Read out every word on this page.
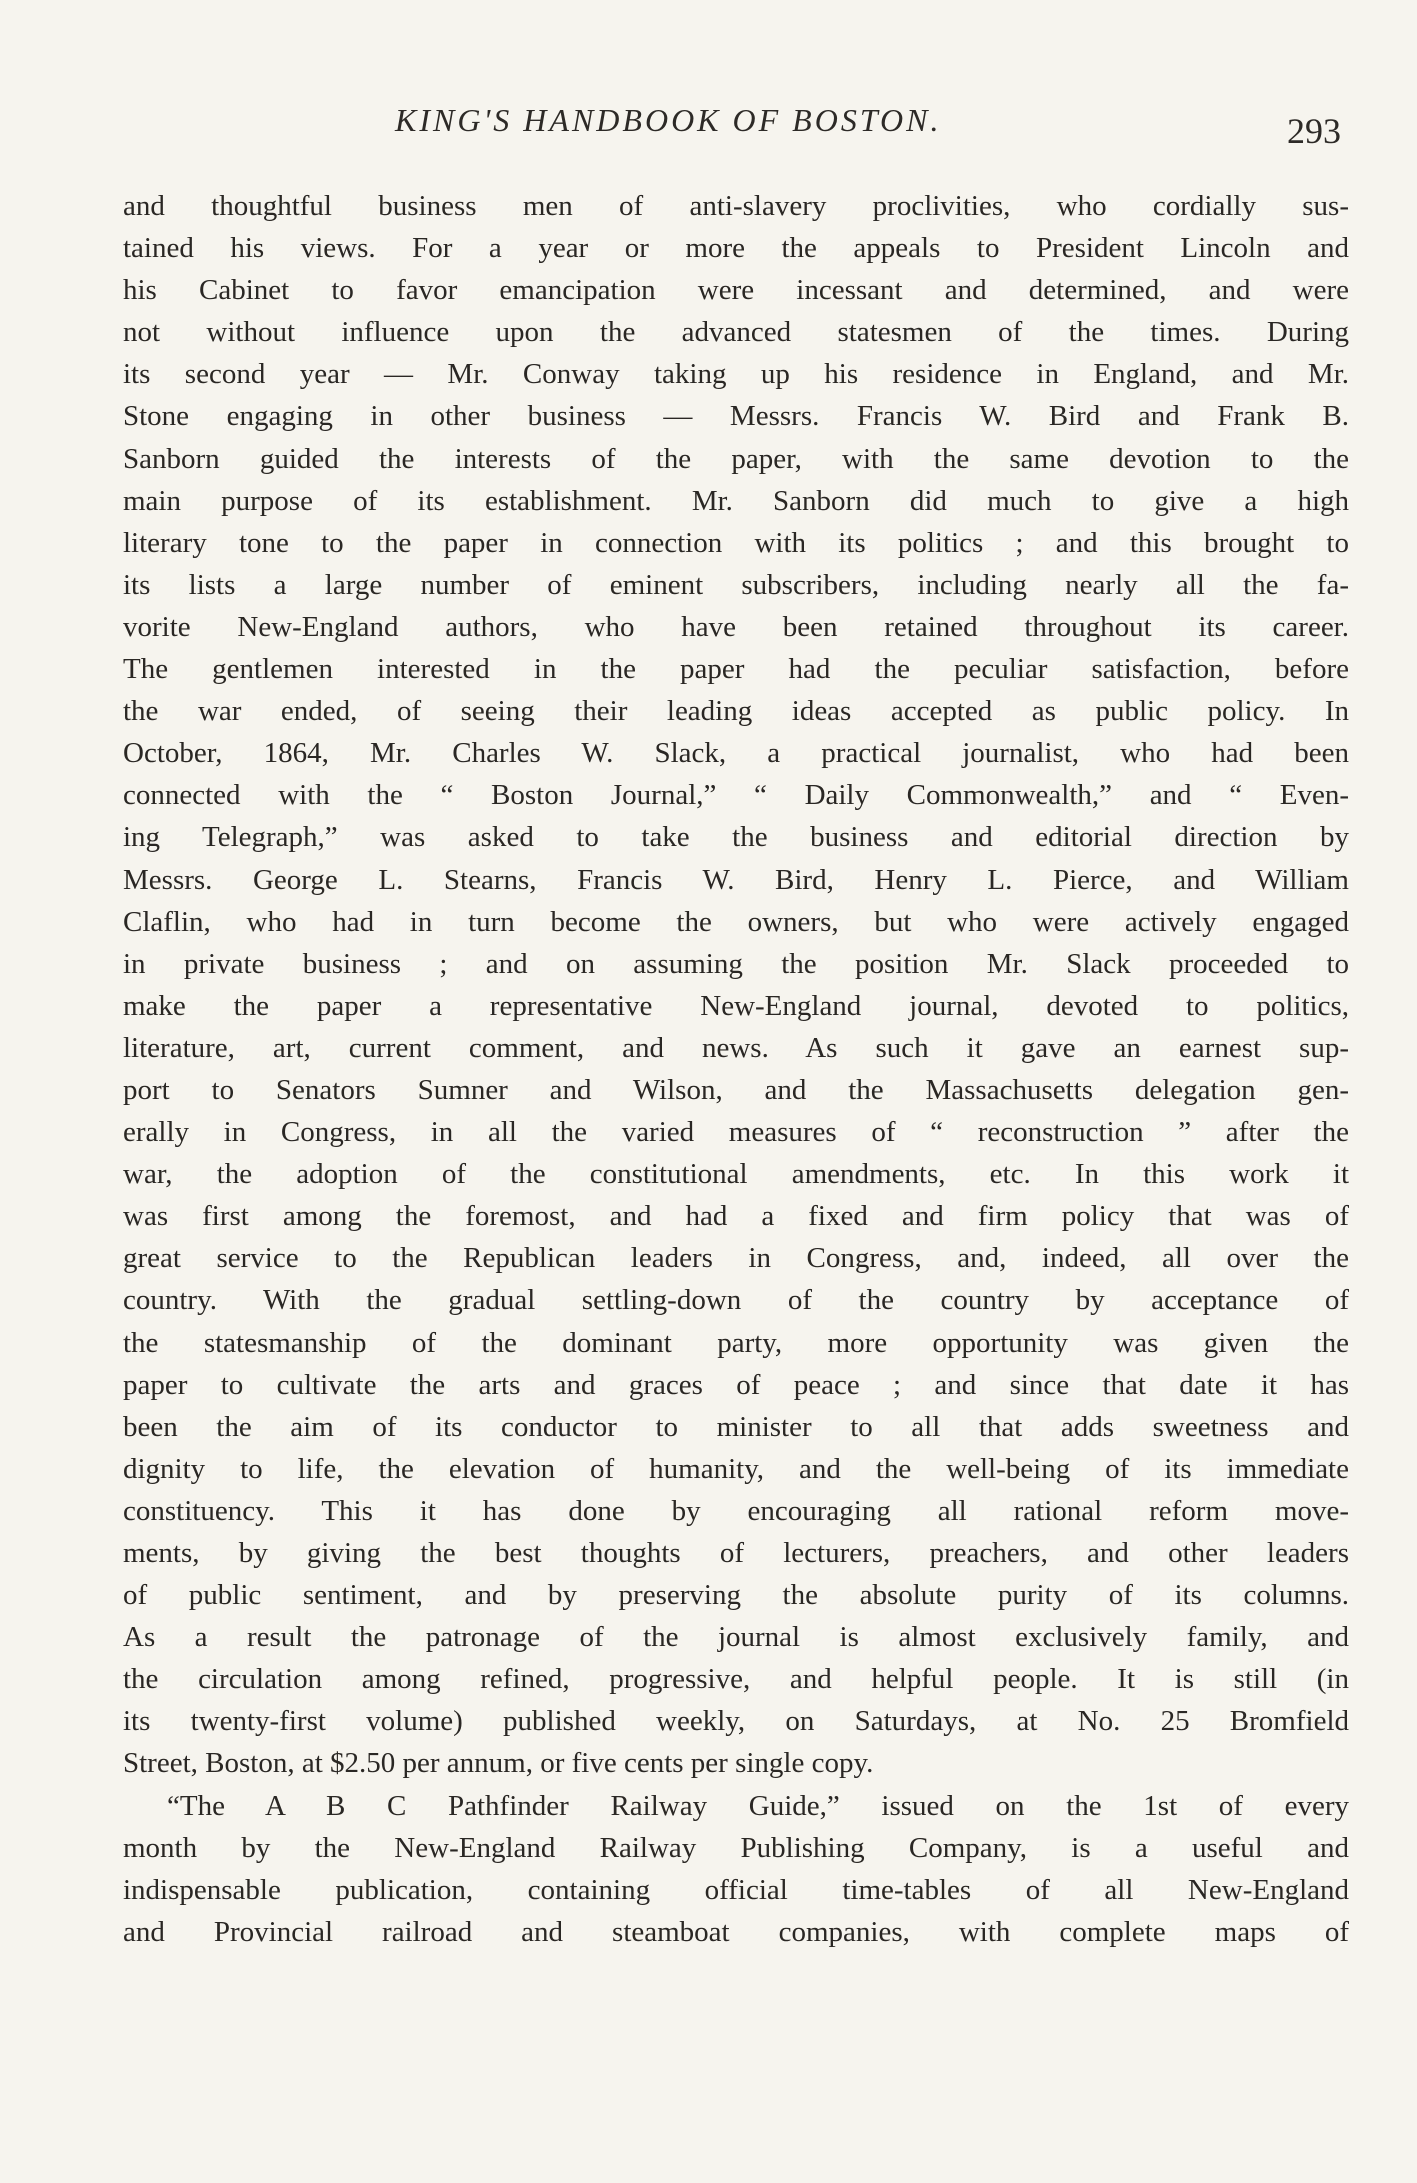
KING'S HANDBOOK OF BOSTON.	293
and thoughtful business men of anti-slavery proclivities, who cordially sus-
tained his views. For a year or more the appeals to President Lincoln and
his Cabinet to favor emancipation were incessant and determined, and were
not without influence upon the advanced statesmen of the times. During
its second year — Mr. Conway taking up his residence in England, and Mr.
Stone engaging in other business — Messrs. Francis W. Bird and Frank B.
Sanborn guided the interests of the paper, with the same devotion to the
main purpose of its establishment. Mr. Sanborn did much to give a high
literary tone to the paper in connection with its politics ; and this brought to
its lists a large number of eminent subscribers, including nearly all the fa-
vorite New-England authors, who have been retained throughout its career.
The gentlemen interested in the paper had the peculiar satisfaction, before
the war ended, of seeing their leading ideas accepted as public policy. In
October, 1864, Mr. Charles W. Slack, a practical journalist, who had been
connected with the “ Boston Journal,” “ Daily Commonwealth,” and “ Even-
ing Telegraph,” was asked to take the business and editorial direction by
Messrs. George L. Stearns, Francis W. Bird, Henry L. Pierce, and William
Claflin, who had in turn become the owners, but who were actively engaged
in private business ; and on assuming the position Mr. Slack proceeded to
make the paper a representative New-England journal, devoted to politics,
literature, art, current comment, and news. As such it gave an earnest sup-
port to Senators Sumner and Wilson, and the Massachusetts delegation gen-
erally in Congress, in all the varied measures of “ reconstruction ” after the
war, the adoption of the constitutional amendments, etc. In this work it
was first among the foremost, and had a fixed and firm policy that was of
great service to the Republican leaders in Congress, and, indeed, all over the
country. With the gradual settling-down of the country by acceptance of
the statesmanship of the dominant party, more opportunity was given the
paper to cultivate the arts and graces of peace ; and since that date it has
been the aim of its conductor to minister to all that adds sweetness and
dignity to life, the elevation of humanity, and the well-being of its immediate
constituency. This it has done by encouraging all rational reform move-
ments, by giving the best thoughts of lecturers, preachers, and other leaders
of public sentiment, and by preserving the absolute purity of its columns.
As a result the patronage of the journal is almost exclusively family, and
the circulation among refined, progressive, and helpful people. It is still (in
its twenty-first volume) published weekly, on Saturdays, at No. 25 Bromfield
Street, Boston, at $2.50 per annum, or five cents per single copy.
“The A B C Pathfinder Railway Guide,” issued on the 1st of every
month by the New-England Railway Publishing Company, is a useful and
indispensable publication, containing official time-tables of all New-England
and Provincial railroad and steamboat companies, with complete maps of
